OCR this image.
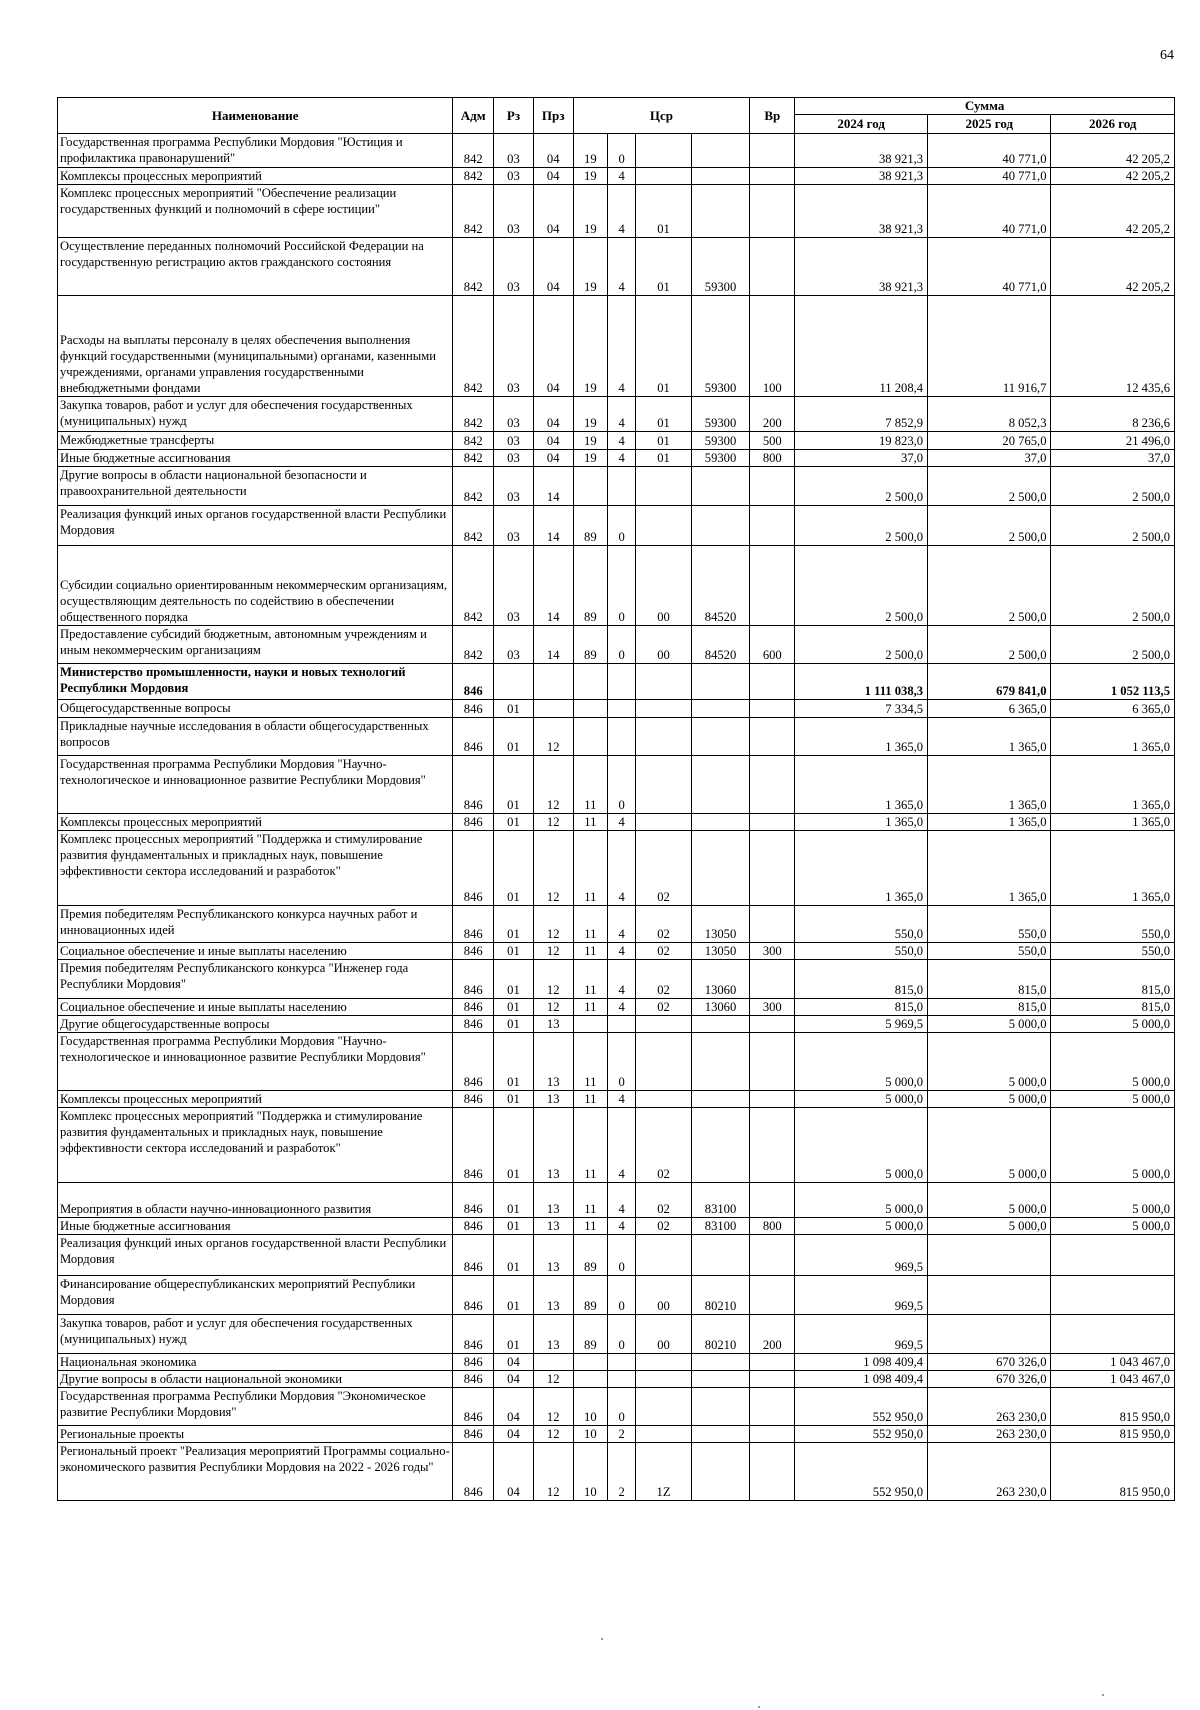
64
Наименование	Адм	Рз	Прз	Цср				Вр	Сумма		
									2024 год	2025 год	2026 год
Государственная программа Республики Мордовия "Юстиция и профилактика правонарушений"	842	03	04	19	0				38 921,3	40 771,0	42 205,2
Комплексы процессных мероприятий	842	03	04	19	4				38 921,3	40 771,0	42 205,2
Комплекс процессных мероприятий "Обеспечение реализации государственных функций и полномочий в сфере юстиции"	842	03	04	19	4	01			38 921,3	40 771,0	42 205,2
Осуществление переданных полномочий Российской Федерации на государственную регистрацию актов гражданского состояния	842	03	04	19	4	01	59300		38 921,3	40 771,0	42 205,2
Расходы на выплаты персоналу в целях обеспечения выполнения функций государственными (муниципальными) органами, казенными учреждениями, органами управления государственными внебюджетными фондами	842	03	04	19	4	01	59300	100	11 208,4	11 916,7	12 435,6
Закупка товаров, работ и услуг для обеспечения государственных (муниципальных) нужд	842	03	04	19	4	01	59300	200	7 852,9	8 052,3	8 236,6
Межбюджетные трансферты	842	03	04	19	4	01	59300	500	19 823,0	20 765,0	21 496,0
Иные бюджетные ассигнования	842	03	04	19	4	01	59300	800	37,0	37,0	37,0
Другие вопросы в области национальной безопасности и правоохранительной деятельности	842	03	14						2 500,0	2 500,0	2 500,0
Реализация функций иных органов государственной власти Республики Мордовия	842	03	14	89	0				2 500,0	2 500,0	2 500,0
Субсидии социально ориентированным некоммерческим организациям, осуществляющим деятельность по содействию в обеспечении общественного порядка	842	03	14	89	0	00	84520		2 500,0	2 500,0	2 500,0
Предоставление субсидий бюджетным, автономным учреждениям и иным некоммерческим организациям	842	03	14	89	0	00	84520	600	2 500,0	2 500,0	2 500,0
Министерство промышленности, науки и новых технологий Республики Мордовия	846								1 111 038,3	679 841,0	1 052 113,5
Общегосударственные вопросы	846	01							7 334,5	6 365,0	6 365,0
Прикладные научные исследования в области общегосударственных вопросов	846	01	12						1 365,0	1 365,0	1 365,0
Государственная программа Республики Мордовия "Научно-технологическое и инновационное развитие Республики Мордовия"	846	01	12	11	0				1 365,0	1 365,0	1 365,0
Комплексы процессных мероприятий	846	01	12	11	4				1 365,0	1 365,0	1 365,0
Комплекс процессных мероприятий "Поддержка и стимулирование развития фундаментальных и прикладных наук, повышение эффективности сектора исследований и разработок"	846	01	12	11	4	02			1 365,0	1 365,0	1 365,0
Премия победителям Республиканского конкурса научных работ и инновационных идей	846	01	12	11	4	02	13050		550,0	550,0	550,0
Социальное обеспечение и иные выплаты населению	846	01	12	11	4	02	13050	300	550,0	550,0	550,0
Премия победителям Республиканского конкурса "Инженер года Республики Мордовия"	846	01	12	11	4	02	13060		815,0	815,0	815,0
Социальное обеспечение и иные выплаты населению	846	01	12	11	4	02	13060	300	815,0	815,0	815,0
Другие общегосударственные вопросы	846	01	13						5 969,5	5 000,0	5 000,0
Государственная программа Республики Мордовия "Научно-технологическое и инновационное развитие Республики Мордовия"	846	01	13	11	0				5 000,0	5 000,0	5 000,0
Комплексы процессных мероприятий	846	01	13	11	4				5 000,0	5 000,0	5 000,0
Комплекс процессных мероприятий "Поддержка и стимулирование развития фундаментальных и прикладных наук, повышение эффективности сектора исследований и разработок"	846	01	13	11	4	02			5 000,0	5 000,0	5 000,0
Мероприятия в области научно-инновационного развития	846	01	13	11	4	02	83100		5 000,0	5 000,0	5 000,0
Иные бюджетные ассигнования	846	01	13	11	4	02	83100	800	5 000,0	5 000,0	5 000,0
Реализация функций иных органов государственной власти Республики Мордовия	846	01	13	89	0				969,5		
Финансирование общереспубликанских мероприятий Республики Мордовия	846	01	13	89	0	00	80210		969,5		
Закупка товаров, работ и услуг для обеспечения государственных (муниципальных) нужд	846	01	13	89	0	00	80210	200	969,5		
Национальная экономика	846	04							1 098 409,4	670 326,0	1 043 467,0
Другие вопросы в области национальной экономики	846	04	12						1 098 409,4	670 326,0	1 043 467,0
Государственная программа Республики Мордовия "Экономическое развитие Республики Мордовия"	846	04	12	10	0				552 950,0	263 230,0	815 950,0
Региональные проекты	846	04	12	10	2				552 950,0	263 230,0	815 950,0
Региональный проект "Реализация мероприятий Программы социально-экономического развития Республики Мордовия на 2022 - 2026 годы"	846	04	12	10	2	1Z			552 950,0	263 230,0	815 950,0
